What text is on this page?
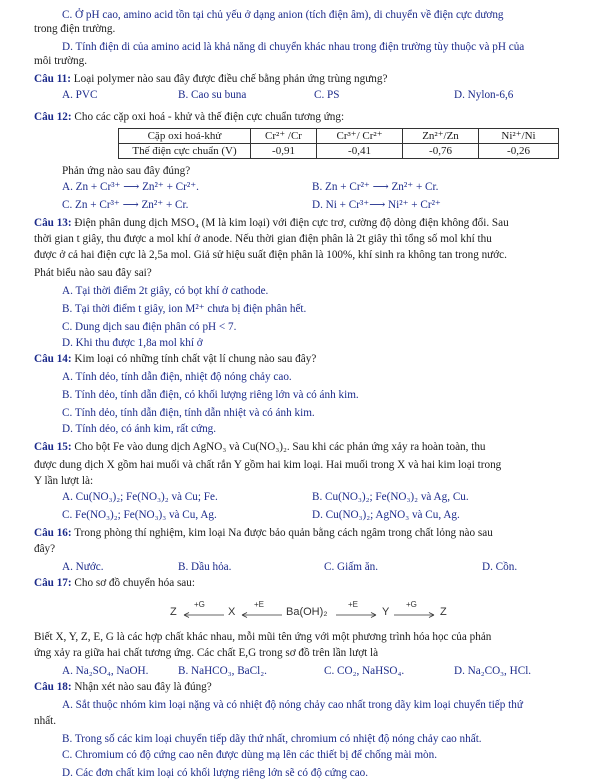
C. Ở pH cao, amino acid tồn tại chủ yếu ở dạng anion (tích điện âm), di chuyển về điện cực dương
trong điện trường.
D. Tính điện di của amino acid là khả năng di chuyển khác nhau trong điện trường tùy thuộc và pH của
môi trường.
Câu 11: Loại polymer nào sau đây được điều chế bằng phản ứng trùng ngưng?
A. PVC	B. Cao su buna	C. PS	D. Nylon-6,6
Câu 12: Cho các cặp oxi hoá - khử và thế điện cực chuẩn tương ứng:
Cặp oxi hoá-khử	Cr²⁺ /Cr	Cr³⁺/ Cr²⁺	Zn²⁺/Zn	Ni²⁺/Ni
Thế điện cực chuẩn (V)	-0,91	-0,41	-0,76	-0,26
Phản ứng nào sau đây đúng?
A. Zn + Cr³⁺ ⟶ Zn²⁺ + Cr²⁺.	B. Zn + Cr²⁺ ⟶ Zn²⁺ + Cr.
C. Zn + Cr³⁺ ⟶ Zn²⁺ + Cr.	D. Ni + Cr³⁺⟶ Ni²⁺ + Cr²⁺
Câu 13: Điện phân dung dịch MSO₄ (M là kim loại) với điện cực trơ, cường độ dòng điện không đổi. Sau
thời gian t giây, thu được a mol khí ở anode. Nếu thời gian điện phân là 2t giây thì tổng số mol khí thu
được ở cả hai điện cực là 2,5a mol. Giả sử hiệu suất điện phân là 100%, khí sinh ra không tan trong nước.
Phát biểu nào sau đây sai?
A. Tại thời điểm 2t giây, có bọt khí ở cathode.
B. Tại thời điểm t giây, ion M²⁺ chưa bị điện phân hết.
C. Dung dịch sau điện phân có pH < 7.
D. Khi thu được 1,8a mol khí ở
Câu 14: Kim loại có những tính chất vật lí chung nào sau đây?
A. Tính dẻo, tính dẫn điện, nhiệt độ nóng chảy cao.
B. Tính dẻo, tính dẫn điện, có khối lượng riêng lớn và có ánh kim.
C. Tính dẻo, tính dẫn điện, tính dẫn nhiệt và có ánh kim.
D. Tính dẻo, có ánh kim, rất cứng.
Câu 15: Cho bột Fe vào dung dịch AgNO₃ và Cu(NO₃)₂. Sau khi các phản ứng xảy ra hoàn toàn, thu
được dung dịch X gồm hai muối và chất rắn Y gồm hai kim loại. Hai muối trong X và hai kim loại trong
Y lần lượt là:
A. Cu(NO₃)₂; Fe(NO₃)₂ và Cu; Fe.	B. Cu(NO₃)₂; Fe(NO₃)₂ và Ag, Cu.
C. Fe(NO₃)₂; Fe(NO₃)₃ và Cu, Ag.	D. Cu(NO₃)₂; AgNO₃ và Cu, Ag.
Câu 16: Trong phòng thí nghiệm, kim loại Na được bảo quản bằng cách ngâm trong chất lỏng nào sau
đây?
A. Nước.	B. Dầu hỏa.	C. Giấm ăn.	D. Cồn.
Câu 17: Cho sơ đồ chuyển hóa sau:
Z
+G
X
+E
Ba(OH)₂
+E
Y
+G
Z
Biết X, Y, Z, E, G là các hợp chất khác nhau, mỗi mũi tên ứng với một phương trình hóa học của phản
ứng xảy ra giữa hai chất tương ứng. Các chất E,G trong sơ đồ trên lần lượt là
A. Na₂SO₄, NaOH.	B. NaHCO₃, BaCl₂.	C. CO₂, NaHSO₄.	D. Na₂CO₃, HCl.
Câu 18: Nhận xét nào sau đây là đúng?
A. Sắt thuộc nhóm kim loại nặng và có nhiệt độ nóng chảy cao nhất trong dãy kim loại chuyển tiếp thứ
nhất.
B. Trong số các kim loại chuyển tiếp dãy thứ nhất, chromium có nhiệt độ nóng chảy cao nhất.
C. Chromium có độ cứng cao nên được dùng mạ lên các thiết bị để chống mài mòn.
D. Các đơn chất kim loại có khối lượng riêng lớn sẽ có độ cứng cao.
